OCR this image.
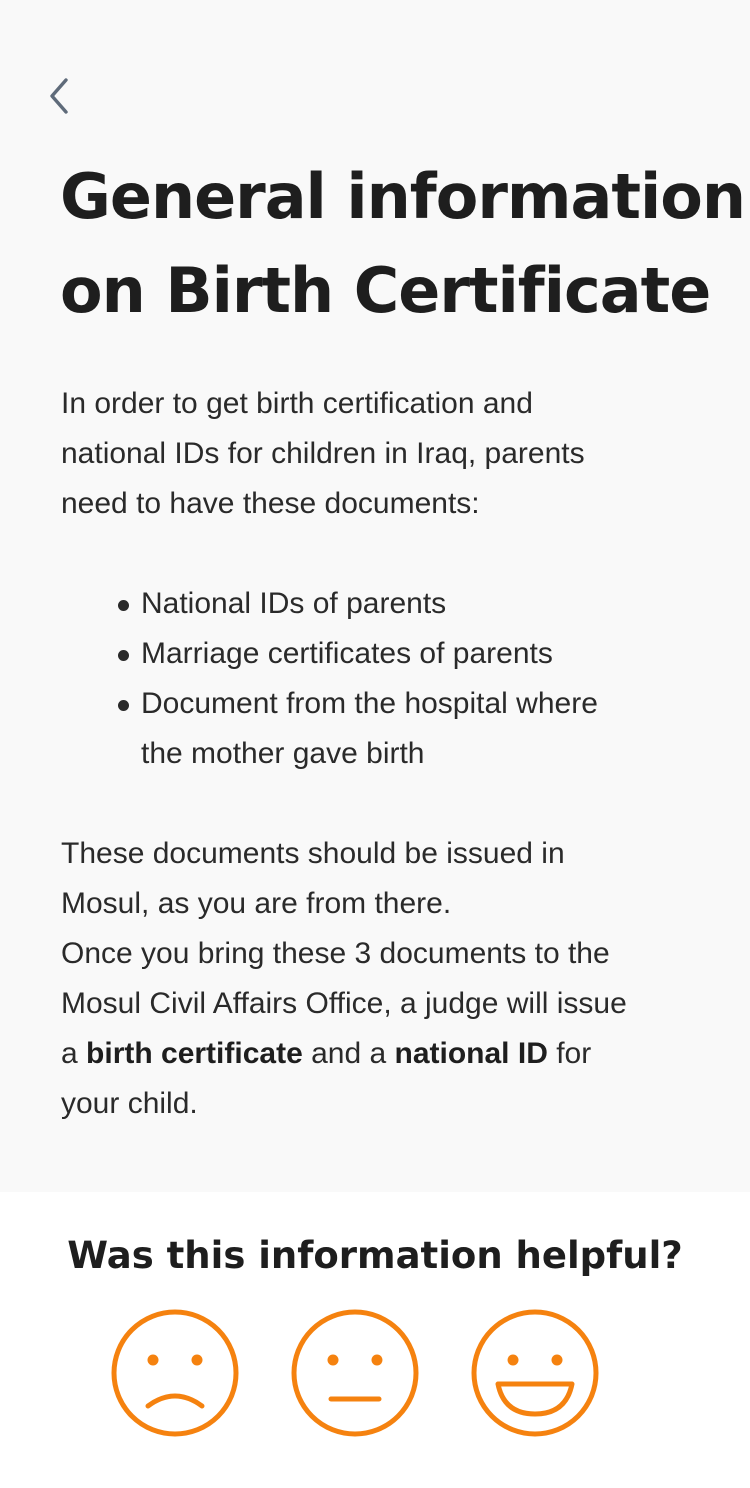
General information
on Birth Certificate

In order to get birth certification and
national IDs for children in Iraq, parents
need to have these documents:

National IDs of parents
Marriage certificates of parents
Document from the hospital where
the mother gave birth

These documents should be issued in
Mosul, as you are from there.
Once you bring these 3 documents to the
Mosul Civil Affairs Office, a judge will issue
a birth certificate and a national ID for
your child.

Was this information helpful?
